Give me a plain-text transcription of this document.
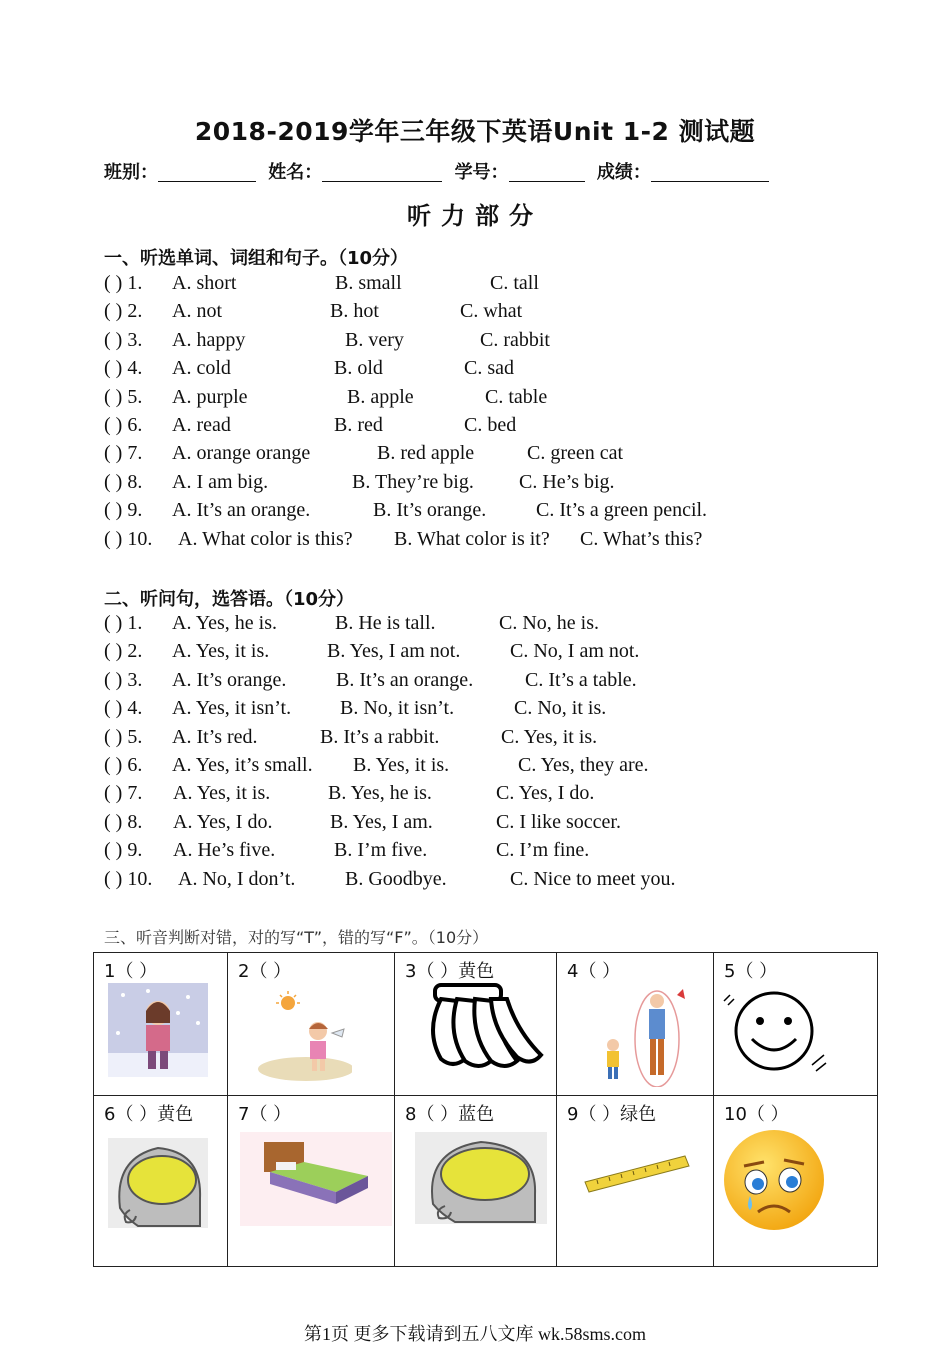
2018-2019学年三年级下英语Unit 1-2 测试题
班别：	姓名：	学号：	成绩：
听力部分
一、听选单词、词组和句子。（10分）
( ) 1. A. short	B. small	C. tall
( ) 2. A. not	B. hot	C. what
( ) 3. A. happy	B. very	C. rabbit
( ) 4. A. cold	B. old	C. sad
( ) 5. A. purple	B. apple	C. table
( ) 6. A. read	B. red	C. bed
( ) 7. A. orange orange	B. red apple	C. green cat
( ) 8. A. I am big.	B. They’re big. C. He’s big.
( ) 9. A. It’s an orange.	B. It’s orange. C. It’s a green pencil.
( ) 10. A. What color is this? B. What color is it? C. What’s this?
二、听问句，选答语。（10分）
( ) 1. A. Yes, he is.	B. He is tall.	C. No, he is.
( ) 2. A. Yes, it is.	B. Yes, I am not. C. No, I am not.
( ) 3. A. It’s orange. B. It’s an orange.	C. It’s a table.
( ) 4. A. Yes, it isn’t. B. No, it isn’t.	C. No, it is.
( ) 5. A. It’s red.	B. It’s a rabbit.	C. Yes, it is.
( ) 6. A. Yes, it’s small. B. Yes, it is.	C. Yes, they are.
( ) 7. A. Yes, it is.	B. Yes, he is.	C. Yes, I do.
( ) 8. A. Yes, I do.	B. Yes, I am.	C. I like soccer.
( ) 9. A. He’s five.	B. I’m five.	C. I’m fine.
( ) 10. A. No, I don’t. B. Goodbye.	C. Nice to meet you.
三、听音判断对错，对的写“T”，错的写“F”。（10分）
1（ ）	2（ ）	3（ ）黄色	4（ ）	5（ ）

6（ ）黄色	7（ ）	8（ ）蓝色	9（ ）绿色	10（ ）
第1页 更多下载请到五八文库 wk.58sms.com
